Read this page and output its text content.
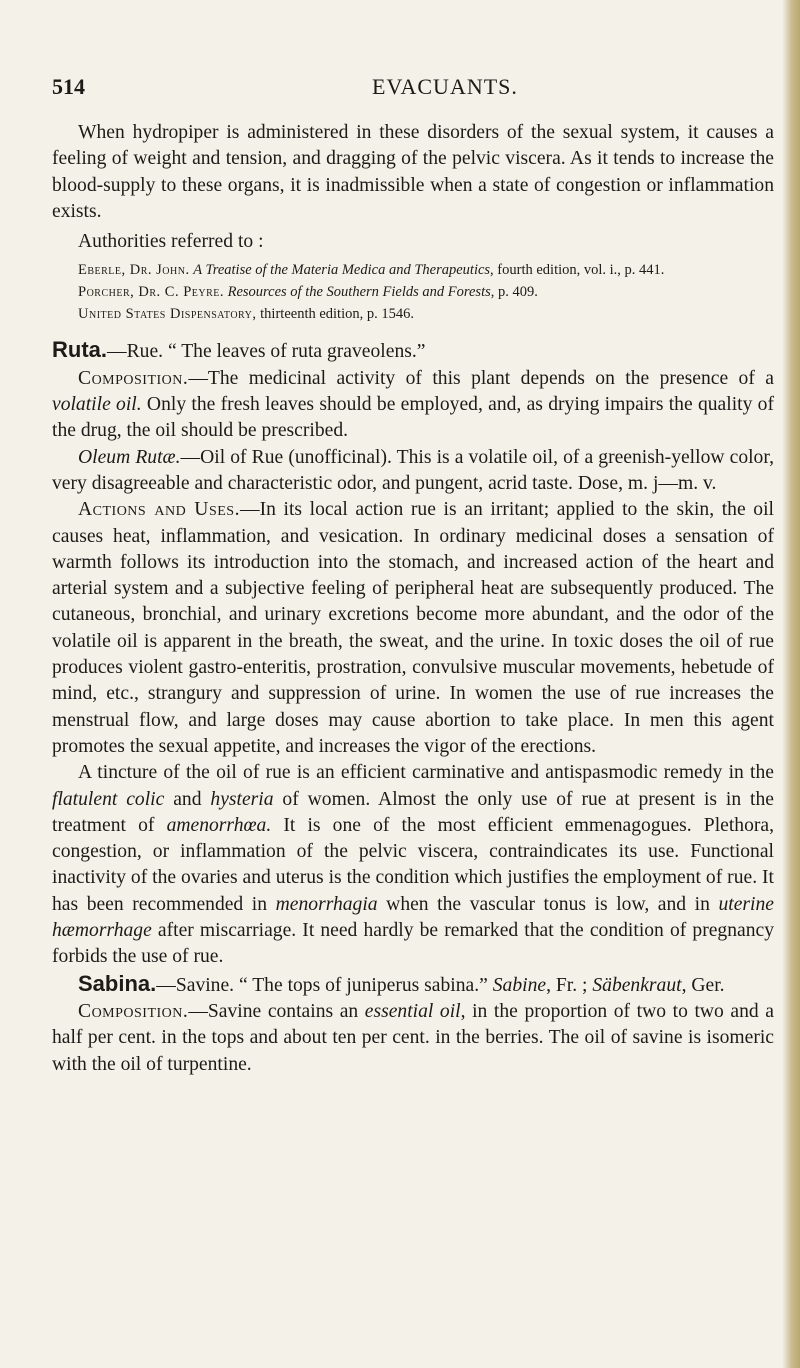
514	EVACUANTS.

When hydropiper is administered in these disorders of the sexual system, it causes a feeling of weight and tension, and dragging of the pelvic viscera. As it tends to increase the blood-supply to these organs, it is inadmissible when a state of congestion or inflammation exists.

Authorities referred to :

Eberle, Dr. John. A Treatise of the Materia Medica and Therapeutics, fourth edition, vol. i., p. 441.

Porcher, Dr. C. Peyre. Resources of the Southern Fields and Forests, p. 409.

United States Dispensatory, thirteenth edition, p. 1546.

Ruta.—Rue. “ The leaves of ruta graveolens.”

Composition.—The medicinal activity of this plant depends on the presence of a volatile oil. Only the fresh leaves should be employed, and, as drying impairs the quality of the drug, the oil should be prescribed.

Oleum Rutæ.—Oil of Rue (unofficinal). This is a volatile oil, of a greenish-yellow color, very disagreeable and characteristic odor, and pungent, acrid taste. Dose, m. j—m. v.

Actions and Uses.—In its local action rue is an irritant; applied to the skin, the oil causes heat, inflammation, and vesication. In ordinary medicinal doses a sensation of warmth follows its introduction into the stomach, and increased action of the heart and arterial system and a subjective feeling of peripheral heat are subsequently produced. The cutaneous, bronchial, and urinary excretions become more abundant, and the odor of the volatile oil is apparent in the breath, the sweat, and the urine. In toxic doses the oil of rue produces violent gastro-enteritis, prostration, convulsive muscular movements, hebetude of mind, etc., strangury and suppression of urine. In women the use of rue increases the menstrual flow, and large doses may cause abortion to take place. In men this agent promotes the sexual appetite, and increases the vigor of the erections.

A tincture of the oil of rue is an efficient carminative and antispasmodic remedy in the flatulent colic and hysteria of women. Almost the only use of rue at present is in the treatment of amenorrhœa. It is one of the most efficient emmenagogues. Plethora, congestion, or inflammation of the pelvic viscera, contraindicates its use. Functional inactivity of the ovaries and uterus is the condition which justifies the employment of rue. It has been recommended in menorrhagia when the vascular tonus is low, and in uterine hæmorrhage after miscarriage. It need hardly be remarked that the condition of pregnancy forbids the use of rue.

Sabina.—Savine. “ The tops of juniperus sabina.” Sabine, Fr. ; Säbenkraut, Ger.

Composition.—Savine contains an essential oil, in the proportion of two to two and a half per cent. in the tops and about ten per cent. in the berries. The oil of savine is isomeric with the oil of turpentine.
